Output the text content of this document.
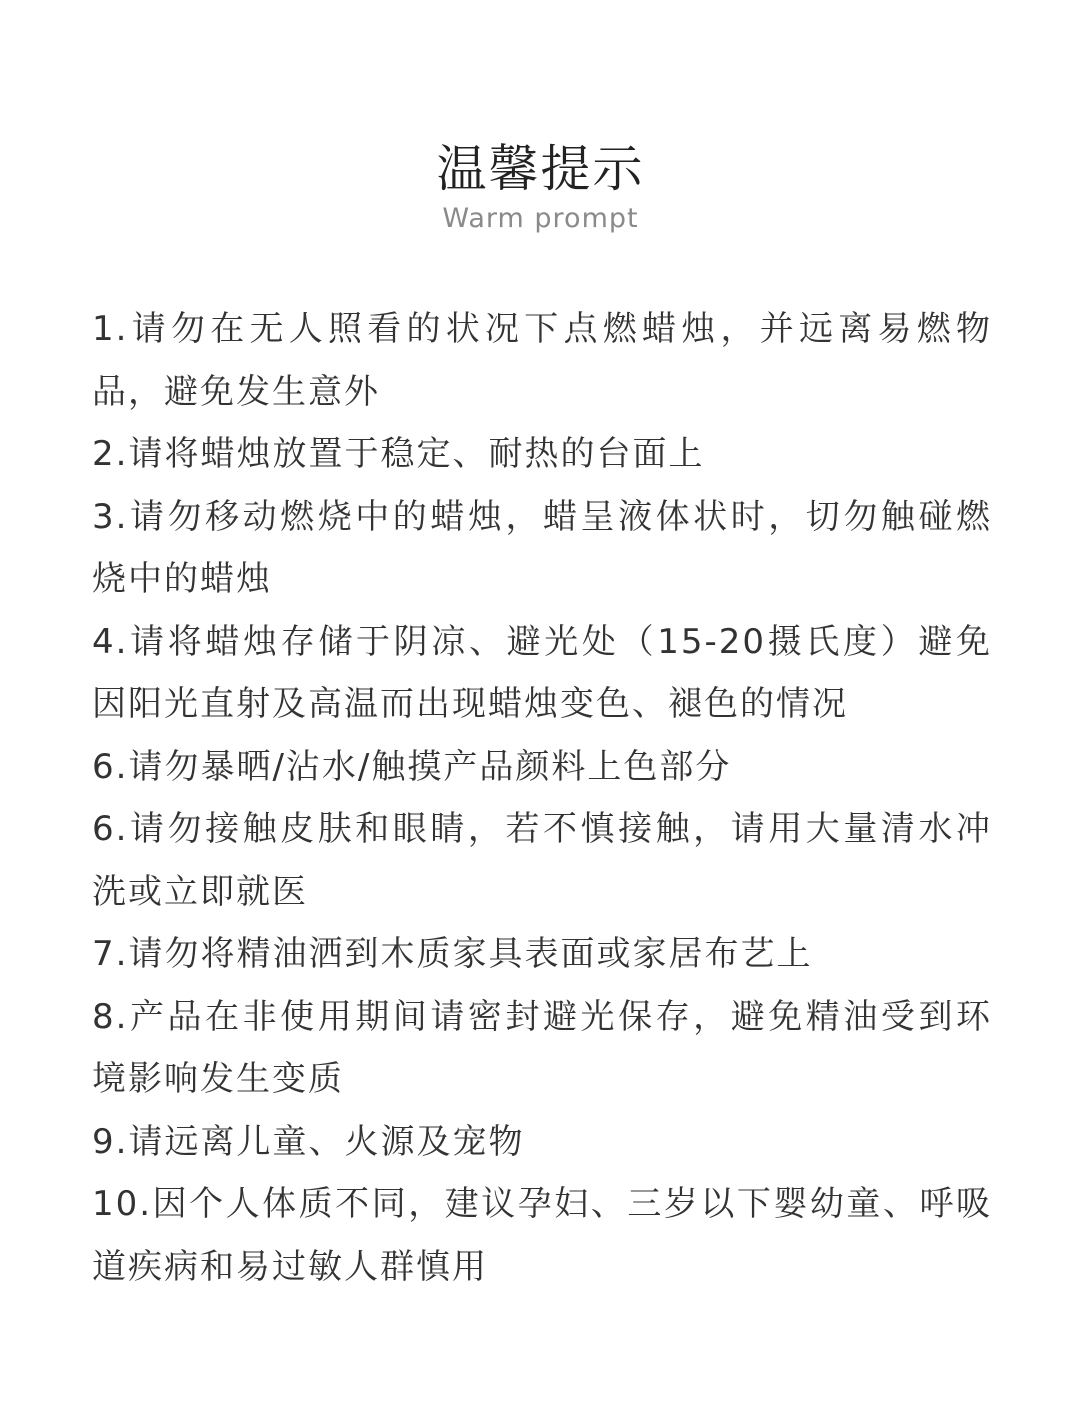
温馨提示

Warm prompt

1.请勿在无人照看的状况下点燃蜡烛，并远离易燃物品，避免发生意外
2.请将蜡烛放置于稳定、耐热的台面上
3.请勿移动燃烧中的蜡烛，蜡呈液体状时，切勿触碰燃烧中的蜡烛
4.请将蜡烛存储于阴凉、避光处（15-20摄氏度）避免因阳光直射及高温而出现蜡烛变色、褪色的情况
6.请勿暴晒/沾水/触摸产品颜料上色部分
6.请勿接触皮肤和眼睛，若不慎接触，请用大量清水冲洗或立即就医
7.请勿将精油洒到木质家具表面或家居布艺上
8.产品在非使用期间请密封避光保存，避免精油受到环境影响发生变质
9.请远离儿童、火源及宠物
10.因个人体质不同，建议孕妇、三岁以下婴幼童、呼吸道疾病和易过敏人群慎用
